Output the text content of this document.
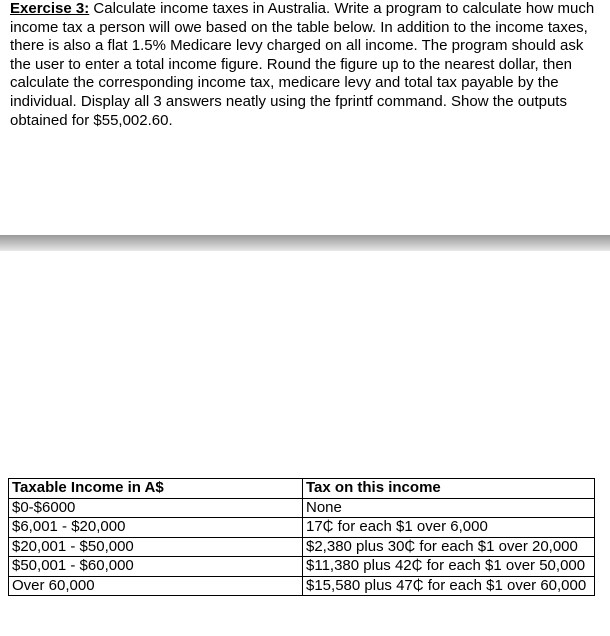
Exercise 3: Calculate income taxes in Australia. Write a program to calculate how much income tax a person will owe based on the table below. In addition to the income taxes, there is also a flat 1.5% Medicare levy charged on all income. The program should ask the user to enter a total income figure. Round the figure up to the nearest dollar, then calculate the corresponding income tax, medicare levy and total tax payable by the individual. Display all 3 answers neatly using the fprintf command. Show the outputs obtained for $55,002.60.

Taxable Income in A$	Tax on this income
$0-$6000	None
$6,001 - $20,000	17₵ for each $1 over 6,000
$20,001 - $50,000	$2,380 plus 30₵ for each $1 over 20,000
$50,001 - $60,000	$11,380 plus 42₵ for each $1 over 50,000
Over 60,000	$15,580 plus 47₵ for each $1 over 60,000
